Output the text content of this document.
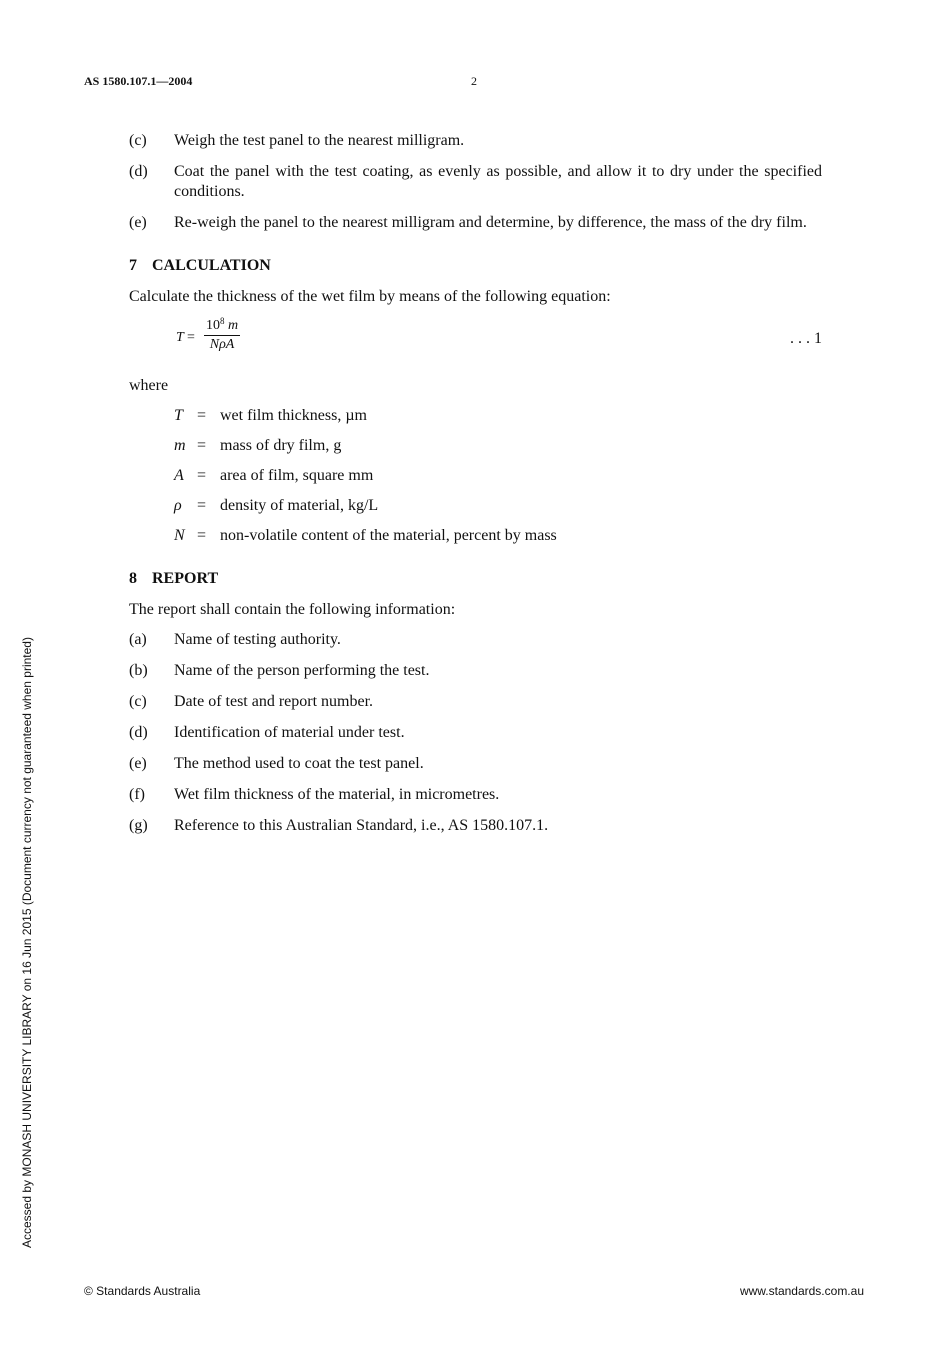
AS 1580.107.1—2004	2
(c) Weigh the test panel to the nearest milligram.
(d) Coat the panel with the test coating, as evenly as possible, and allow it to dry under the specified conditions.
(e) Re-weigh the panel to the nearest milligram and determine, by difference, the mass of the dry film.
7 CALCULATION
Calculate the thickness of the wet film by means of the following equation:
T =
$10^8$ m
NρA	. . . 1
where
T = wet film thickness, µm
m = mass of dry film, g
A = area of film, square mm
ρ = density of material, kg/L
N = non-volatile content of the material, percent by mass
8 REPORT
The report shall contain the following information:
(a) Name of testing authority.
(b) Name of the person performing the test.
(c) Date of test and report number.
(d) Identification of material under test.
(e) The method used to coat the test panel.
(f) Wet film thickness of the material, in micrometres.
(g) Reference to this Australian Standard, i.e., AS 1580.107.1.
Accessed by MONASH UNIVERSITY LIBRARY on 16 Jun 2015 (Document currency not guaranteed when printed)
© Standards Australia	www.standards.com.au
